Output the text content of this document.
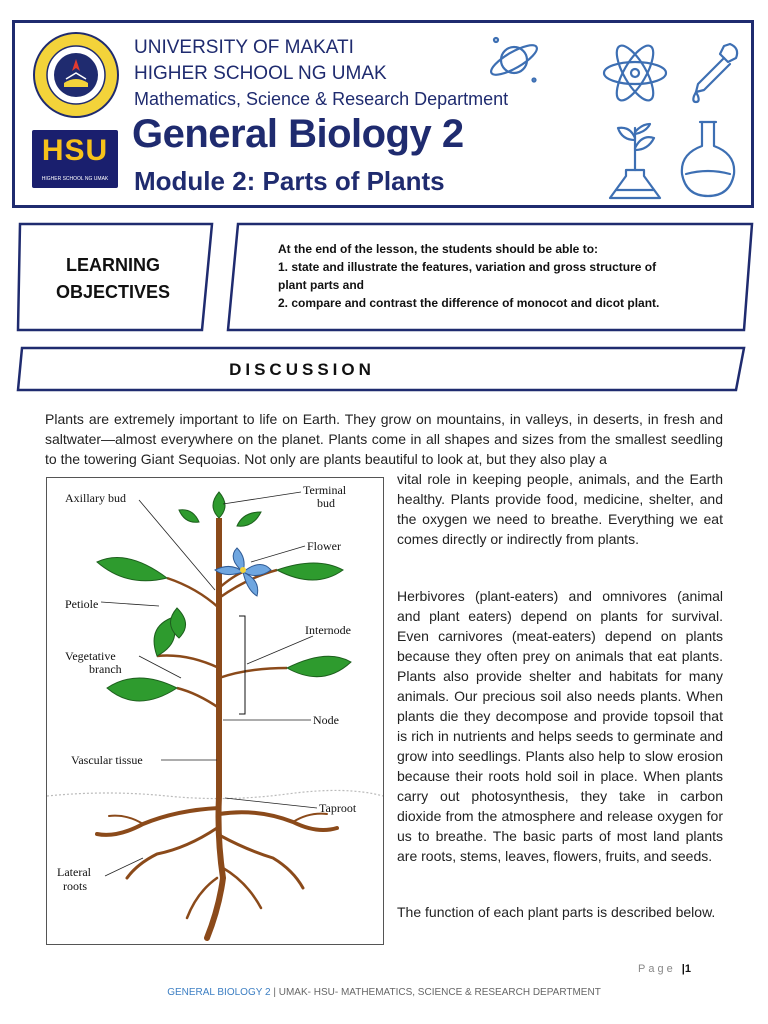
HSU
HIGHER SCHOOL NG UMAK
UNIVERSITY OF MAKATI
HIGHER SCHOOL NG UMAK
Mathematics, Science & Research Department
General Biology 2
Module 2: Parts of Plants
LEARNING
OBJECTIVES
At the end of the lesson, the students should be able to:
1. state and illustrate the features, variation and gross structure of
plant parts and
2. compare and contrast the difference of monocot and dicot plant.
DISCUSSION
Plants are extremely important to life on Earth. They grow on mountains, in valleys, in deserts, in fresh and saltwater—almost everywhere on the planet. Plants come in all shapes and sizes from the smallest seedling to the towering Giant Sequoias. Not only are plants beautiful to look at, but they also play a
vital role in keeping people, animals, and the Earth healthy. Plants provide food, medicine, shelter, and the oxygen we need to breathe. Everything we eat comes directly or indirectly from plants.
Herbivores (plant-eaters) and omnivores (animal and plant eaters) depend on plants for survival. Even carnivores (meat-eaters) depend on plants because they often prey on animals that eat plants. Plants also provide shelter and habitats for many animals. Our precious soil also needs plants. When plants die they decompose and provide topsoil that is rich in nutrients and helps seeds to germinate and grow into seedlings. Plants also help to slow erosion because their roots hold soil in place. When plants carry out photosynthesis, they take in carbon dioxide from the atmosphere and release oxygen for us to breathe. The basic parts of most land plants are roots, stems, leaves, flowers, fruits, and seeds.
The function of each plant parts is described below.
Axillary bud
Terminal
bud
Flower
Petiole
Internode
Vegetative
branch
Node
Vascular tissue
Taproot
Lateral
roots
Page |1
GENERAL BIOLOGY 2 | UMAK- HSU- MATHEMATICS, SCIENCE & RESEARCH DEPARTMENT
